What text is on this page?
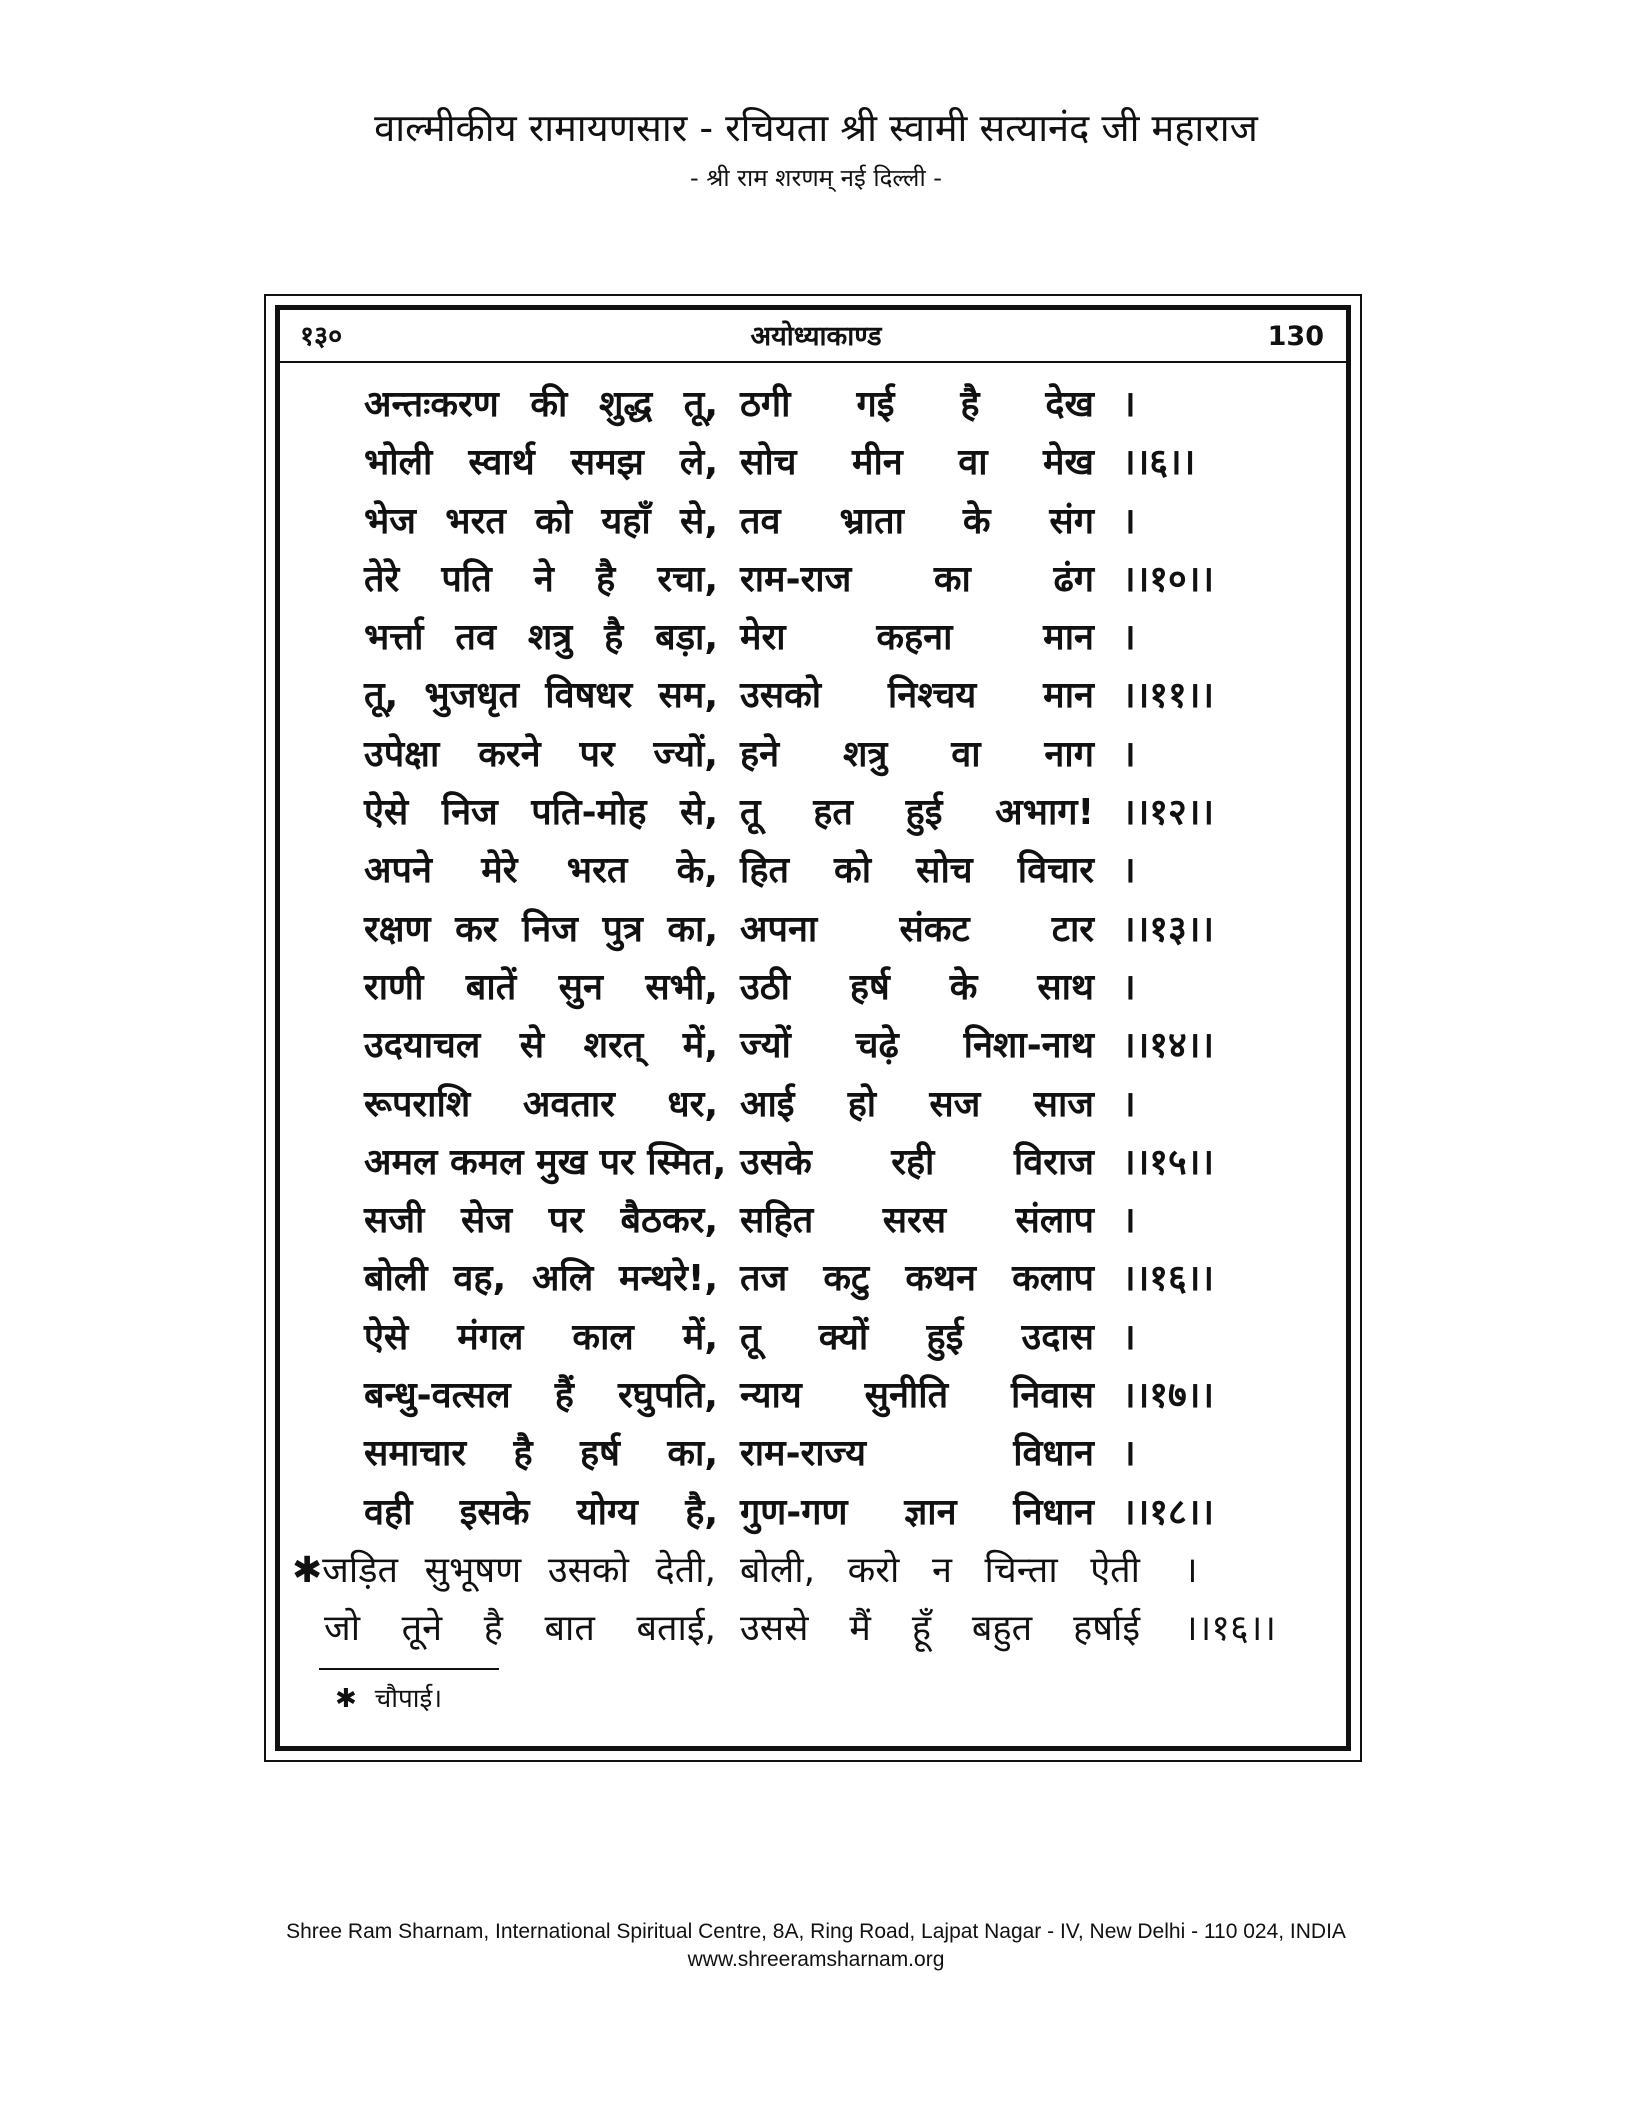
वाल्मीकीय रामायणसार - रचियता श्री स्वामी सत्यानंद जी महाराज
- श्री राम शरणम् नई दिल्ली -
१३०	अयोध्याकाण्ड	130
अन्तःकरण की शुद्ध तू, ठगी गई है देख ।
भोली स्वार्थ समझ ले, सोच मीन वा मेख ।।६।।
भेज भरत को यहाँ से, तव भ्राता के संग ।
तेरे पति ने है रचा, राम-राज का ढंग ।।१०।।
भर्त्ता तव शत्रु है बड़ा, मेरा कहना मान ।
तू, भुजधृत विषधर सम, उसको निश्चय मान ।।११।।
उपेक्षा करने पर ज्यों, हने शत्रु वा नाग ।
ऐसे निज पति-मोह से, तू हत हुई अभाग! ।।१२।।
अपने मेरे भरत के, हित को सोच विचार ।
रक्षण कर निज पुत्र का, अपना संकट टार ।।१३।।
राणी बातें सुन सभी, उठी हर्ष के साथ ।
उदयाचल से शरत् में, ज्यों चढ़े निशा-नाथ ।।१४।।
रूपराशि अवतार धर, आई हो सज साज ।
अमल कमल मुख पर स्मित, उसके रही विराज ।।१५।।
सजी सेज पर बैठकर, सहित सरस संलाप ।
बोली वह, अलि मन्थरे!, तज कटु कथन कलाप ।।१६।।
ऐसे मंगल काल में, तू क्यों हुई उदास ।
बन्धु-वत्सल हैं रघुपति, न्याय सुनीति निवास ।।१७।।
समाचार है हर्ष का, राम-राज्य विधान ।
वही इसके योग्य है, गुण-गण ज्ञान निधान ।।१८।।
✱जड़ित सुभूषण उसको देती, बोली, करो न चिन्ता ऐती ।
जो तूने है बात बताई, उससे मैं हूँ बहुत हर्षाई ।।१६।।
✱ चौपाई।
Shree Ram Sharnam, International Spiritual Centre, 8A, Ring Road, Lajpat Nagar - IV, New Delhi - 110 024, INDIA
www.shreeramsharnam.org
